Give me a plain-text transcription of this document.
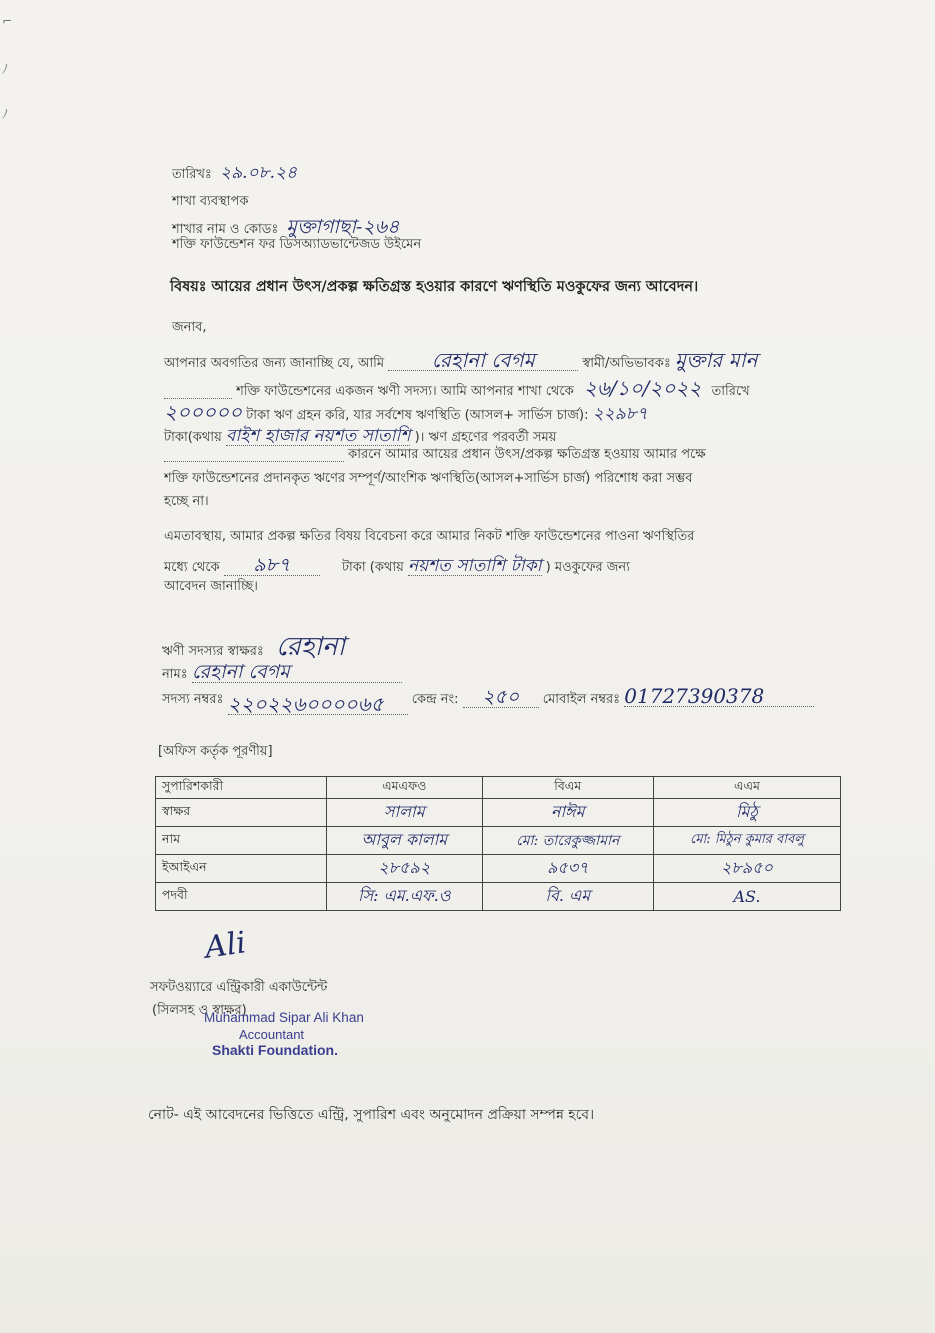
⌐
ﾉ
ﾉ
তারিখঃ ২৯.০৮.২৪
শাখা ব্যবস্থাপক
শাখার নাম ও কোডঃ মুক্তাগাছা-২৬৪
শক্তি ফাউন্ডেশন ফর ডিসঅ্যাডভান্টেজড উইমেন
বিষয়ঃ আয়ের প্রধান উৎস/প্রকল্প ক্ষতিগ্রস্ত হওয়ার কারণে ঋণস্থিতি মওকুফের জন্য আবেদন।
জনাব,
আপনার অবগতির জন্য জানাচ্ছি যে, আমি রেহানা বেগম	স্বামী/অভিভাবকঃ মুক্তার মান
শক্তি ফাউন্ডেশনের একজন ঋণী সদস্য। আমি আপনার শাখা থেকে ২৬/১০/২০২২ তারিখে
২০০০০০ টাকা ঋণ গ্রহন করি, যার সর্বশেষ ঋণস্থিতি (আসল+ সার্ভিস চার্জ): ২২৯৮৭
টাকা(কথায় বাইশ হাজার নয়শত সাতাশি )। ঋণ গ্রহণের পরবর্তী সময়
কারনে আমার আয়ের প্রধান উৎস/প্রকল্প ক্ষতিগ্রস্ত হওয়ায় আমার পক্ষে
শক্তি ফাউন্ডেশনের প্রদানকৃত ঋণের সম্পূর্ণ/আংশিক ঋণস্থিতি(আসল+সার্ভিস চার্জ) পরিশোধ করা সম্ভব
হচ্ছে না।
এমতাবস্থায়, আমার প্রকল্প ক্ষতির বিষয় বিবেচনা করে আমার নিকট শক্তি ফাউন্ডেশনের পাওনা ঋণস্থিতির
মধ্যে থেকে ৯৮৭	টাকা (কথায় নয়শত সাতাশি টাকা ) মওকুফের জন্য
আবেদন জানাচ্ছি।
ঋণী সদস্যর স্বাক্ষরঃ রেহানা
নামঃ রেহানা বেগম
সদস্য নম্বরঃ ২২০২২৬০০০০৬৫ কেন্দ্র নং: ২৫০ মোবাইল নম্বরঃ 01727390378
[অফিস কর্তৃক পূরণীয়]
সুপারিশকারী	এমএফও	বিএম	এএম
স্বাক্ষর	সালাম	নাঈম	মিঠু
নাম	আবুল কালাম	মো: তারেকুজ্জামান	মো: মিঠুন কুমার বাবলু
ইআইএন	২৮৫৯২	৯৫৩৭	২৮৯৫০
পদবী	সি: এম.এফ.ও	বি. এম	AS.
Ali
সফটওয়্যারে এন্ট্রিকারী একাউন্টেন্ট
(সিলসহ ও স্বাক্ষর)
Muhammad Sipar Ali Khan
Accountant
Shakti Foundation.
নোট- এই আবেদনের ভিত্তিতে এন্ট্রি, সুপারিশ এবং অনুমোদন প্রক্রিয়া সম্পন্ন হবে।
